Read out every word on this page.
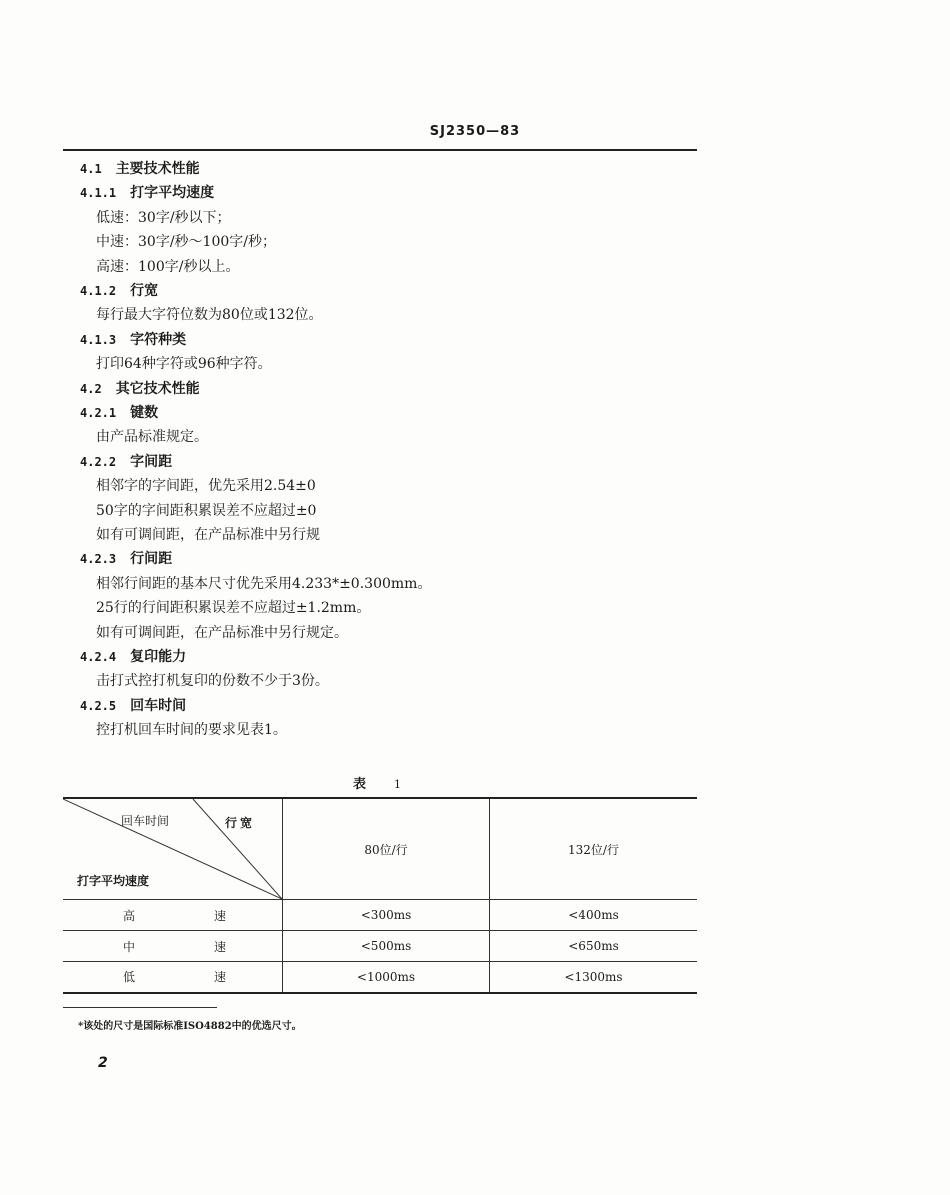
SJ2350—83
4.1 主要技术性能
4.1.1 打字平均速度
低速：30字/秒以下；
中速：30字/秒～100字/秒；
高速：100字/秒以上。
4.1.2 行宽
每行最大字符位数为80位或132位。
4.1.3 字符种类
打印64种字符或96种字符。
4.2 其它技术性能
4.2.1 键数
由产品标准规定。
4.2.2 字间距
相邻字的字间距，优先采用2.54±0
50字的字间距积累误差不应超过±0
如有可调间距，在产品标准中另行规
4.2.3 行间距
相邻行间距的基本尺寸优先采用4.233*±0.300mm。
25行的行间距积累误差不应超过±1.2mm。
如有可调间距，在产品标准中另行规定。
4.2.4 复印能力
击打式控打机复印的份数不少于3份。
4.2.5 回车时间
控打机回车时间的要求见表1。
表	1
回车时间 行宽
打字平均速度	80位/行	132位/行

高 速	<300ms	<400ms

中 速	<500ms	<650ms

低 速	<1000ms	<1300ms
*该处的尺寸是国际标准ISO4882中的优选尺寸。
2
